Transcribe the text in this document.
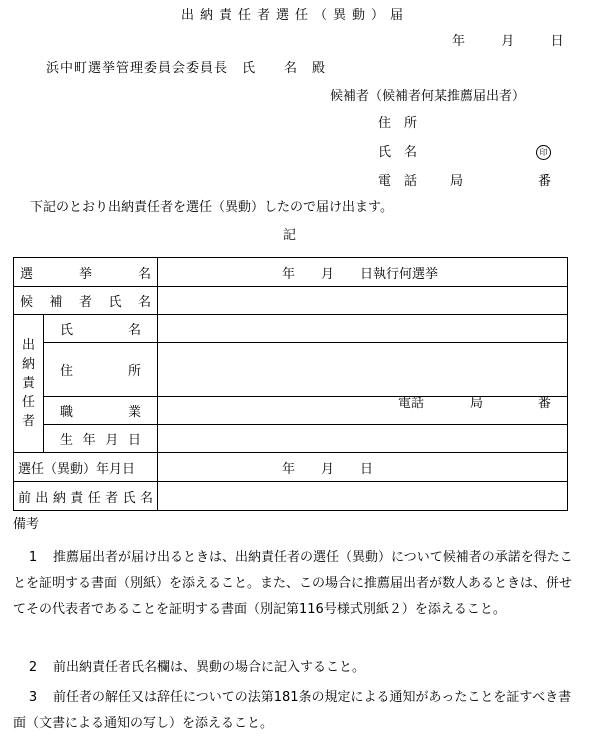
出納責任者選任（異動）届
年	月	日
浜中町選挙管理委員会委員長　氏　　名　殿
候補者（候補者何某推薦届出者）
住　所
氏　名	印
電　話	局	番
下記のとおり出納責任者を選任（異動）したので届け出ます。
記
選挙名		年　　月　　日執行何選挙
候補者氏名		

出
納
責
任
者	氏名	
	住所	電話 局 番

	職業	
	生年月日	
選任（異動）年月日		年　　月　　日
前出納責任者氏名		
備考
1 推薦届出者が届け出るときは、出納責任者の選任（異動）について候補者の承諾を得たことを証明する書面（別紙）を添えること。また、この場合に推薦届出者が数人あるときは、併せてその代表者であることを証明する書面（別記第116号様式別紙２）を添えること。
2 前出納責任者氏名欄は、異動の場合に記入すること。
3 前任者の解任又は辞任についての法第181条の規定による通知があったことを証すべき書面（文書による通知の写し）を添えること。
